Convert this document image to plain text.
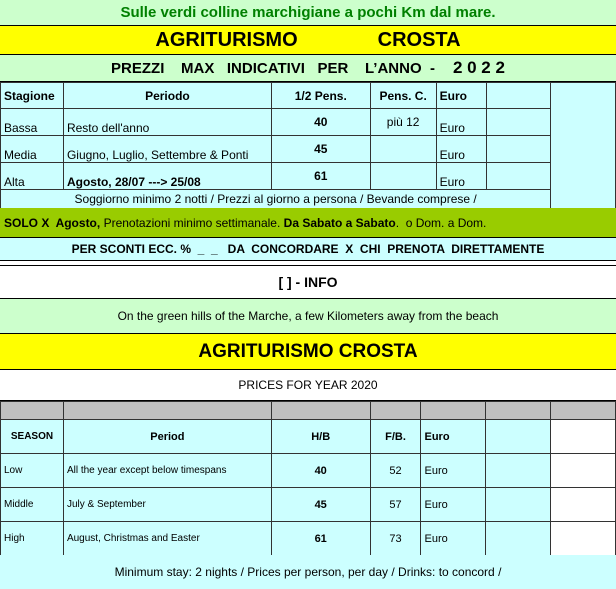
Sulle verdi colline marchigiane a pochi Km dal mare.
AGRITURISMO	CROSTA
PREZZI    MAX   INDICATIVI   PER    L’ANNO  - 2 0 2 2
Stagione	Periodo	1/2 Pens.	Pens. C.	Euro		
Bassa	Resto dell'anno	40	più 12	Euro		
Media	Giugno, Luglio, Settembre & Ponti	45		Euro		
Alta	Agosto, 28/07 ---> 25/08	61		Euro		
Soggiorno minimo 2 notti / Prezzi al giorno a persona / Bevande comprese /						
SOLO X  Agosto, Prenotazioni minimo settimanale. Da Sabato a Sabato .  o Dom. a Dom.
PER SCONTI ECC. %  _  _   DA  CONCORDARE  X  CHI  PRENOTA  DIRETTAMENTE
[ ] - INFO
On the green hills of the Marche, a few Kilometers away from the beach
AGRITURISMO CROSTA
PRICES FOR YEAR 2020

SEASON	Period	H/B	F/B.	Euro		
Low	All the year except below timespans	40	52	Euro		
Middle	July & September	45	57	Euro		
High	August, Christmas and Easter	61	73	Euro		
Minimum stay: 2 nights / Prices per person, per day / Drinks: to concord /
